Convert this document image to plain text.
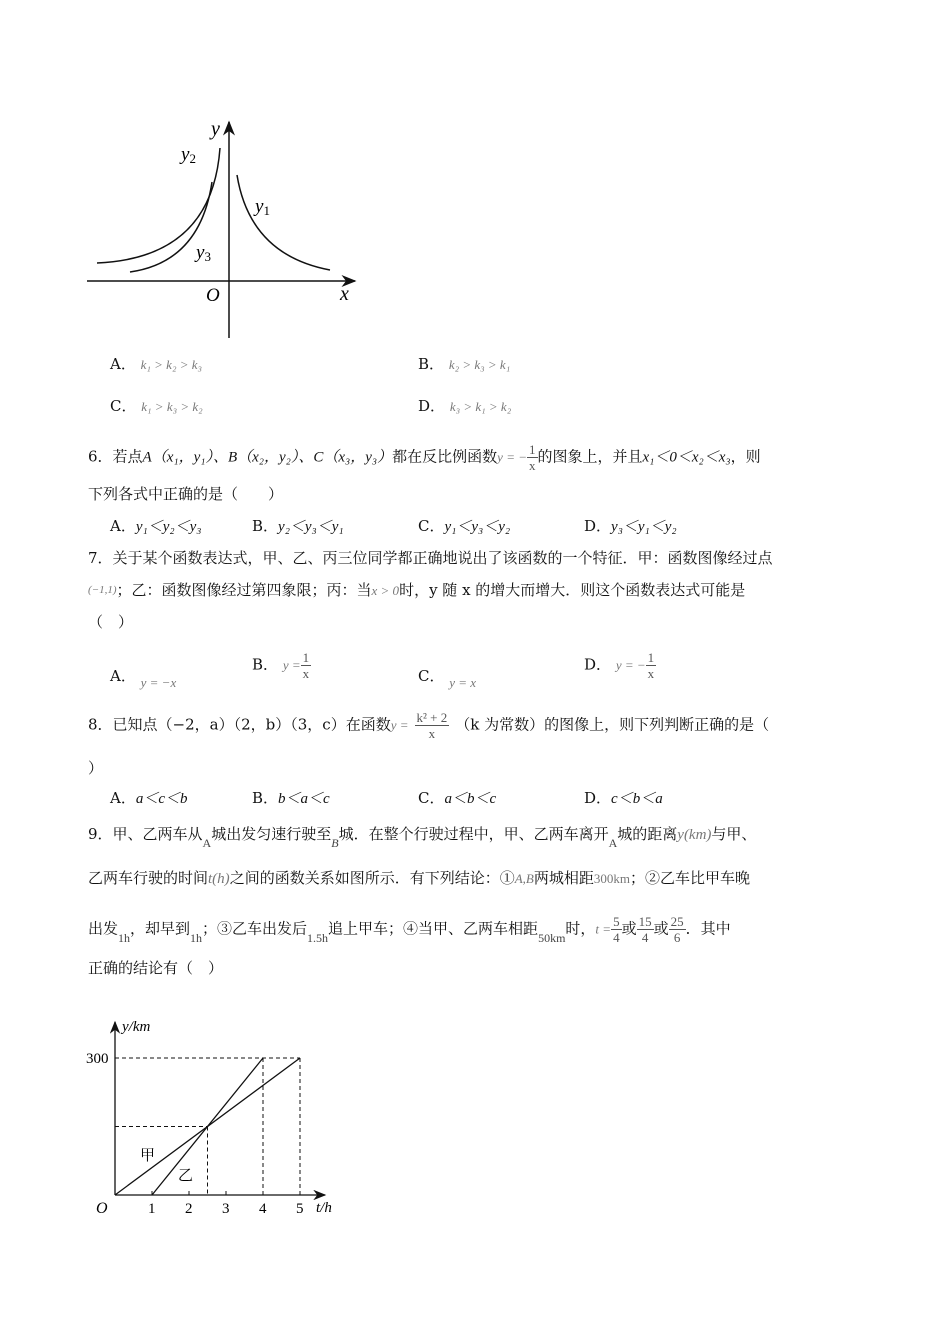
y
x
O
y2
y1
y3
A． k₁ > k₂ > k₃	B． k₂ > k₃ > k₁
C． k₁ > k₃ > k₂	D． k₃ > k₁ > k₂
6．若点A（x₁，y₁）、B（x₂，y₂）、C（x₃，y₃）都在反比例函数y = − $\frac{1}{x}$ 的图象上，并且x₁＜0＜x₂＜x₃，则
下列各式中正确的是（　　）
A．y₁＜y₂＜y₃	B．y₂＜y₃＜y₁	C．y₁＜y₃＜y₂	D．y₃＜y₁＜y₂
7．关于某个函数表达式，甲、乙、丙三位同学都正确地说出了该函数的一个特征．甲：函数图像经过点
$^{(-1,1)}$；乙：函数图像经过第四象限；丙：当x > 0时，y 随 x 的增大而增大．则这个函数表达式可能是
（　）
A． y = −x
B． $y = \frac{1}{x}$	C． y = x
D． y = − $\frac{1}{x}$
8．已知点（−2，a）（2，b）（3，c）在函数$y = \frac{\text{k² + 2}}{x} (k$ 为常数）的图像上，则下列判断正确的是（
）
A．a＜c＜b	B．b＜a＜c	C．a＜b＜c	D．c＜b＜a
9．甲、乙两车从$_A$城出发匀速行驶至$_B$城．在整个行驶过程中，甲、乙两车离开$_A$城的距离y(km)与甲、
乙两车行驶的时间t(h)之间的函数关系如图所示．有下列结论：①A,B两城相距300km；②乙车比甲车晚
出发$_{1h}$，却早到$_{1h}$；③乙车出发后$_{1.5h}$追上甲车；④当甲、乙两车相距$_{50km}$时，$t = \frac{5}{4}$ 或 $\frac{15}{4}$ 或 $\frac{25}{6}$ ．其中
正确的结论有（　）
甲
乙
1 2 3 4 5
300
O
y/km
t/h
